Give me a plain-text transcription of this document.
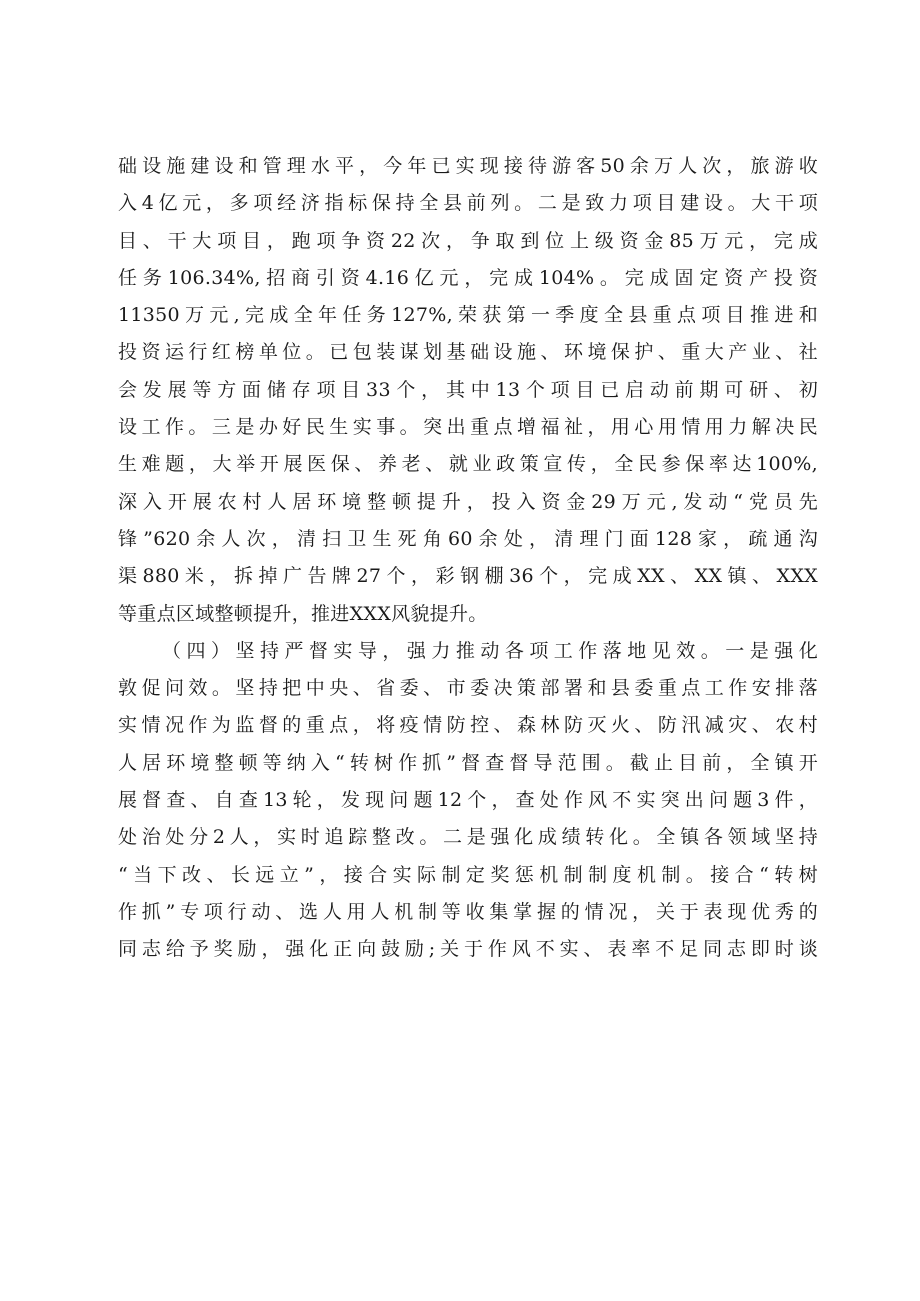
础设施建设和管理水平，今年已实现接待游客50余万人次，旅游收
入4亿元，多项经济指标保持全县前列。二是致力项目建设。大干项
目、干大项目，跑项争资22次，争取到位上级资金85万元，完成
任务106.34%,招商引资4.16亿元，完成104%。完成固定资产投资
11350万元,完成全年任务127%,荣获第一季度全县重点项目推进和
投资运行红榜单位。已包装谋划基础设施、环境保护、重大产业、社
会发展等方面储存项目33个，其中13个项目已启动前期可研、初
设工作。三是办好民生实事。突出重点增福祉，用心用情用力解决民
生难题，大举开展医保、养老、就业政策宣传，全民参保率达100%,
深入开展农村人居环境整顿提升，投入资金29万元,发动“党员先
锋”620余人次，清扫卫生死角60余处，清理门面128家，疏通沟
渠880米，拆掉广告牌27个，彩钢棚36个，完成XX、XX镇、XXX
等重点区域整顿提升，推进XXX风貌提升。
（四）坚持严督实导，强力推动各项工作落地见效。一是强化
敦促问效。坚持把中央、省委、市委决策部署和县委重点工作安排落
实情况作为监督的重点，将疫情防控、森林防灭火、防汛减灾、农村
人居环境整顿等纳入“转树作抓”督查督导范围。截止目前，全镇开
展督查、自查13轮，发现问题12个，查处作风不实突出问题3件，
处治处分2人，实时追踪整改。二是强化成绩转化。全镇各领域坚持
“当下改、长远立”，接合实际制定奖惩机制制度机制。接合“转树
作抓”专项行动、选人用人机制等收集掌握的情况，关于表现优秀的
同志给予奖励，强化正向鼓励;关于作风不实、表率不足同志即时谈
